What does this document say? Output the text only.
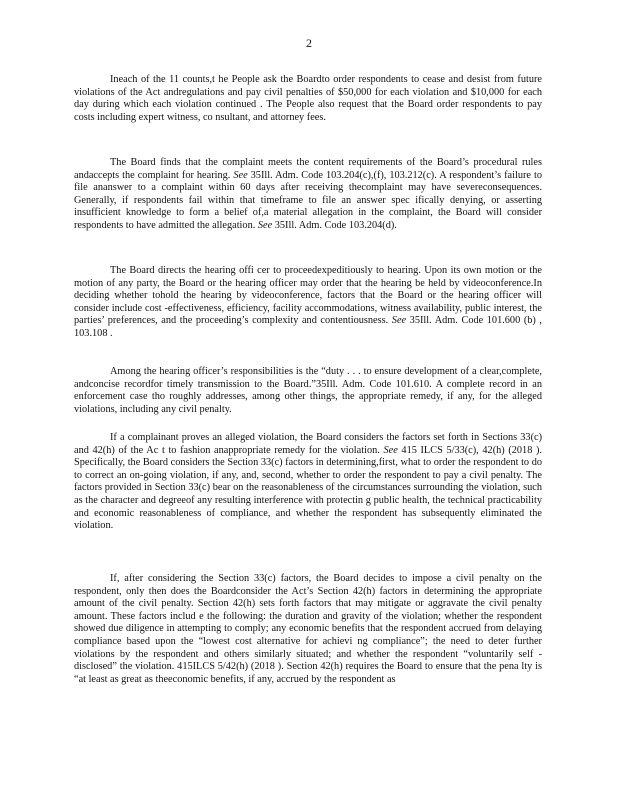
2

Ineach of the 11 counts,t he People ask the Boardto order respondents to cease and desist from future violations of the Act andregulations and pay civil penalties of $50,000 for each violation and $10,000 for each day during which each violation continued . The People also request that the Board order respondents to pay costs including expert witness, co nsultant, and attorney fees.

The Board finds that the complaint meets the content requirements of the Board’s procedural rules andaccepts the complaint for hearing. See 35Ill. Adm. Code 103.204(c),(f), 103.212(c). A respondent’s failure to file ananswer to a complaint within 60 days after receiving thecomplaint may have severeconsequences. Generally, if respondents fail within that timeframe to file an answer spec ifically denying, or asserting insufficient knowledge to form a belief of,a material allegation in the complaint, the Board will consider respondents to have admitted the allegation. See 35Ill. Adm. Code 103.204(d).

The Board directs the hearing offi cer to proceedexpeditiously to hearing. Upon its own motion or the motion of any party, the Board or the hearing officer may order that the hearing be held by videoconference.In deciding whether tohold the hearing by videoconference, factors that the Board or the hearing officer will consider include cost -effectiveness, efficiency, facility accommodations, witness availability, public interest, the parties’ preferences, and the proceeding’s complexity and contentiousness. See 35Ill. Adm. Code 101.600 (b) , 103.108 .

Among the hearing officer’s responsibilities is the “duty . . . to ensure development of a clear,complete, andconcise recordfor timely transmission to the Board.”35Ill. Adm. Code 101.610. A complete record in an enforcement case tho roughly addresses, among other things, the appropriate remedy, if any, for the alleged violations, including any civil penalty.

If a complainant proves an alleged violation, the Board considers the factors set forth in Sections 33(c) and 42(h) of the Ac t to fashion anappropriate remedy for the violation. See 415 ILCS 5/33(c), 42(h) (2018 ). Specifically, the Board considers the Section 33(c) factors in determining,first, what to order the respondent to do to correct an on-going violation, if any, and, second, whether to order the respondent to pay a civil penalty. The factors provided in Section 33(c) bear on the reasonableness of the circumstances surrounding the violation, such as the character and degreeof any resulting interference with protectin g public health, the technical practicability and economic reasonableness of compliance, and whether the respondent has subsequently eliminated the violation.

If, after considering the Section 33(c) factors, the Board decides to impose a civil penalty on the respondent, only then does the Boardconsider the Act’s Section 42(h) factors in determining the appropriate amount of the civil penalty. Section 42(h) sets forth factors that may mitigate or aggravate the civil penalty amount. These factors includ e the following: the duration and gravity of the violation; whether the respondent showed due diligence in attempting to comply; any economic benefits that the respondent accrued from delaying compliance based upon the “lowest cost alternative for achievi ng compliance”; the need to deter further violations by the respondent and others similarly situated; and whether the respondent “voluntarily self - disclosed” the violation. 415ILCS 5/42(h) (2018 ). Section 42(h) requires the Board to ensure that the pena lty is “at least as great as theeconomic benefits, if any, accrued by the respondent as
